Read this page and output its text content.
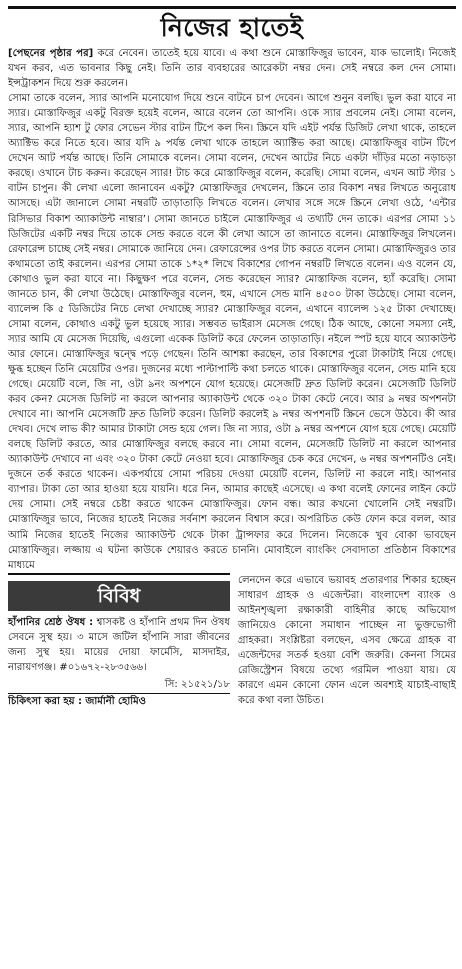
নিজের হাতেই

[পেছনের পৃষ্ঠার পর] করে নেবেন। তাতেই হয়ে যাবে। এ কথা শুনে মোস্তাফিজুর ভাবেন, যাক ভালোই। নিজেই যখন করব, এত ভাবনার কিছু নেই। তিনি তার ব্যবহারের আরেকটা নম্বর দেন। সেই নম্বরে কল দেন সোমা। ইন্সট্রাকশন দিয়ে শুরু করলেন।

সোমা তাকে বলেন, স্যার আপনি মনোযোগ দিয়ে শুনে বাটনে চাপ দেবেন। আগে শুনুন বলছি। ভুল করা যাবে না স্যার। মোস্তাফিজুর একটু বিরক্ত হয়েই বলেন, আরে বলেন তো আপনি। ওকে স্যার প্রবলেম নেই। সোমা বলেন, স্যার, আপনি হ্যাশ টু ফোর সেভেন স্টার বাটন টিপে কল দিন। স্ক্রিনে যদি এইট পর্যন্ত ডিজিট লেখা থাকে, তাহলে অ্যাক্টিভ করে নিতে হবে। আর যদি ৯ পর্যন্ত লেখা থাকে তাহলে অ্যাক্টিভ করা আছে। মোস্তাফিজুর বাটন টিপে দেখেন আট পর্যন্ত আছে। তিনি সোমাকে বলেন। সোমা বলেন, দেখেন আটের নিচে একটা দাঁড়ির মতো নড়াচড়া করছে। ওখানে টাচ করুন। করেছেন স্যার! টাচ করে মোস্তাফিজুর বলেন, করেছি। সোমা বলেন, এখন আট স্টার ১ বাটন চাপুন। কী লেখা এলো জানাবেন একটু? মোস্তাফিজুর দেখলেন, স্ক্রিনে তার বিকাশ নম্বর লিখতে অনুরোধ আসছে। এটা জানালে সোমা নম্বরটি তাড়াতাড়ি লিখতে বলেন। লেখার সঙ্গে সঙ্গে স্ক্রিনে লেখা ওঠে, ‘এন্টার রিসিভার বিকাশ অ্যাকাউন্ট নাম্বার’। সোমা জানতে চাইলে মোস্তাফিজুর এ তথ্যটি দেন তাকে। এরপর সোমা ১১ ডিজিটের একটি নম্বর দিয়ে তাকে সেন্ড করতে বলে কী লেখা আসে তা জানাতে বলেন। মোস্তাফিজুর লিখলেন। রেফারেন্স চাচ্ছে সেই নম্বর। সোমাকে জানিয়ে দেন। রেফারেন্সের ওপর টাচ করতে বলেন সোমা। মোস্তাফিজুরও তার কথামতো তাই করলেন। এরপর সোমা তাকে ১*২* লিখে বিকাশের গোপন নম্বরটি লিখতে বলেন। এও বলেন যে, কোথাও ভুল করা যাবে না। কিছুক্ষণ পরে বলেন, সেন্ড করেছেন স্যার? মোস্তাফিজ বলেন, হ্যাঁ করেছি। সোমা জানতে চান, কী লেখা উঠেছে। মোস্তাফিজুর বলেন, হুম, এখানে সেন্ড মানি ৪৫০০ টাকা উঠেছে। সোমা বলেন, ব্যালেন্স কি ৫ ডিজিটের নিচে লেখা দেখাচ্ছে স্যার? মোস্তাফিজুর বলেন, এখানে ব্যালেন্স ১২৫ টাকা দেখাচ্ছে। সোমা বলেন, কোথাও একটু ভুল হয়েছে স্যার। সম্ভবত ভাইরাস মেসেজ গেছে। ঠিক আছে, কোনো সমস্যা নেই, স্যার আমি যে মেসেজ দিয়েছি, এগুলো একেক ডিলিট করে ফেলেন তাড়াতাড়ি। নইলে স্পট হয়ে যাবে অ্যাকাউন্ট আর ফোনে। মোস্তাফিজুর দ্বন্দ্বে পড়ে গেছেন। তিনি আশঙ্কা করছেন, তার বিকাশের পুরো টাকাটাই নিয়ে গেছে। ক্ষুব্ধ হচ্ছেন তিনি মেয়েটির ওপর। দুজনের মধ্যে পাল্টাপাল্টি কথা চলতে থাকে। মোস্তাফিজুর বলেন, সেন্ড মানি হয়ে গেছে। মেয়েটি বলে, জি না, ওটা ৯নং অপশনে যোগ হয়েছে। মেসেজটি দ্রুত ডিলিট করেন। মেসেজটি ডিলিট করব কেন? মেসেজ ডিলিট না করলে আপনার অ্যাকাউন্ট থেকে ৩২০ টাকা কেটে নেবে। আর ৯ নম্বর অপশনটা দেখাবে না। আপনি মেসেজটি দ্রুত ডিলিট করেন। ডিলিট করলেই ৯ নম্বর অপশনটি স্ক্রিনে ভেসে উঠবে। কী আর দেখব। দেখে লাভ কী? আমার টাকাটা সেন্ড হয়ে গেল। জি না স্যার, ওটা ৯ নম্বর অপশনে যোগ হয়ে গেছে। মেয়েটি বলছে ডিলিট করতে, আর মোস্তাফিজুর বলছে করবে না। সোমা বলেন, মেসেজটি ডিলিট না করলে আপনার অ্যাকাউন্ট দেখাবে না এবং ৩২০ টাকা কেটে নেওয়া হবে। মোস্তাফিজুর চেক করে দেখেন, ৬ নম্বর অপশনটিও নেই। দুজনে তর্ক করতে থাকেন। একপর্যায়ে সোমা পরিচয় দেওয়া মেয়েটি বলেন, ডিলিট না করলে নাই। আপনার ব্যাপার। টাকা তো আর হাওয়া হয়ে যায়নি। ধরে নিন, আমার কাছেই এসেছে। এ কথা বলেই ফোনের লাইন কেটে দেয় সোমা। সেই নম্বরে চেষ্টা করতে থাকেন মোস্তাফিজুর। ফোন বন্ধ। আর কখনো খোলেনি সেই নম্বরটি। মোস্তাফিজুর ভাবে, নিজের হাতেই নিজের সর্বনাশ করলেন বিশ্বাস করে। অপরিচিত কেউ ফোন করে বলল, আর আমি নিজের হাতেই নিজের অ্যাকাউন্ট থেকে টাকা ট্রান্সফার করে দিলেন। নিজেকে খুব বোকা ভাবছেন মোস্তাফিজুর। লজ্জায় এ ঘটনা কাউকে শেয়ারও করতে চাননি। মোবাইলে ব্যাংকিং সেবাদাতা প্রতিষ্ঠান বিকাশের মাধ্যমে

বিবিধ
হাঁপানির শ্রেষ্ঠ ঔষধ : শ্বাসকষ্ট ও হাঁপানি প্রথম দিন ঔষধ সেবনে সুস্থ হয়। ৩ মাসে জটিল হাঁপানি সারা জীবনের জন্য সুস্থ হয়। মায়ের দোয়া ফার্মেসি, মাসদাইর, নারায়ণগঞ্জ। #০১৬৭২-২৮৩৫৬৬।
সি: ২১৫২১/১৮
চিকিৎসা করা হয় : জার্মানী হোমিও
লেনদেন করে এভাবে ভয়াবহ প্রতারণার শিকার হচ্ছেন সাধারণ গ্রাহক ও এজেন্টরা। বাংলাদেশ ব্যাংক ও আইনশৃঙ্খলা রক্ষাকারী বাহিনীর কাছে অভিযোগ জানিয়েও কোনো সমাধান পাচ্ছেন না ভুক্তভোগী গ্রাহকরা। সংশ্লিষ্টরা বলছেন, এসব ক্ষেত্রে গ্রাহক বা এজেন্টদের সতর্ক হওয়া বেশি জরুরি। কেননা সিমের রেজিস্ট্রেশন বিষয়ে তথ্যে গরমিল পাওয়া যায়। যে কারণে এমন কোনো ফোন এলে অবশ্যই যাচাই-বাছাই করে কথা বলা উচিত।
